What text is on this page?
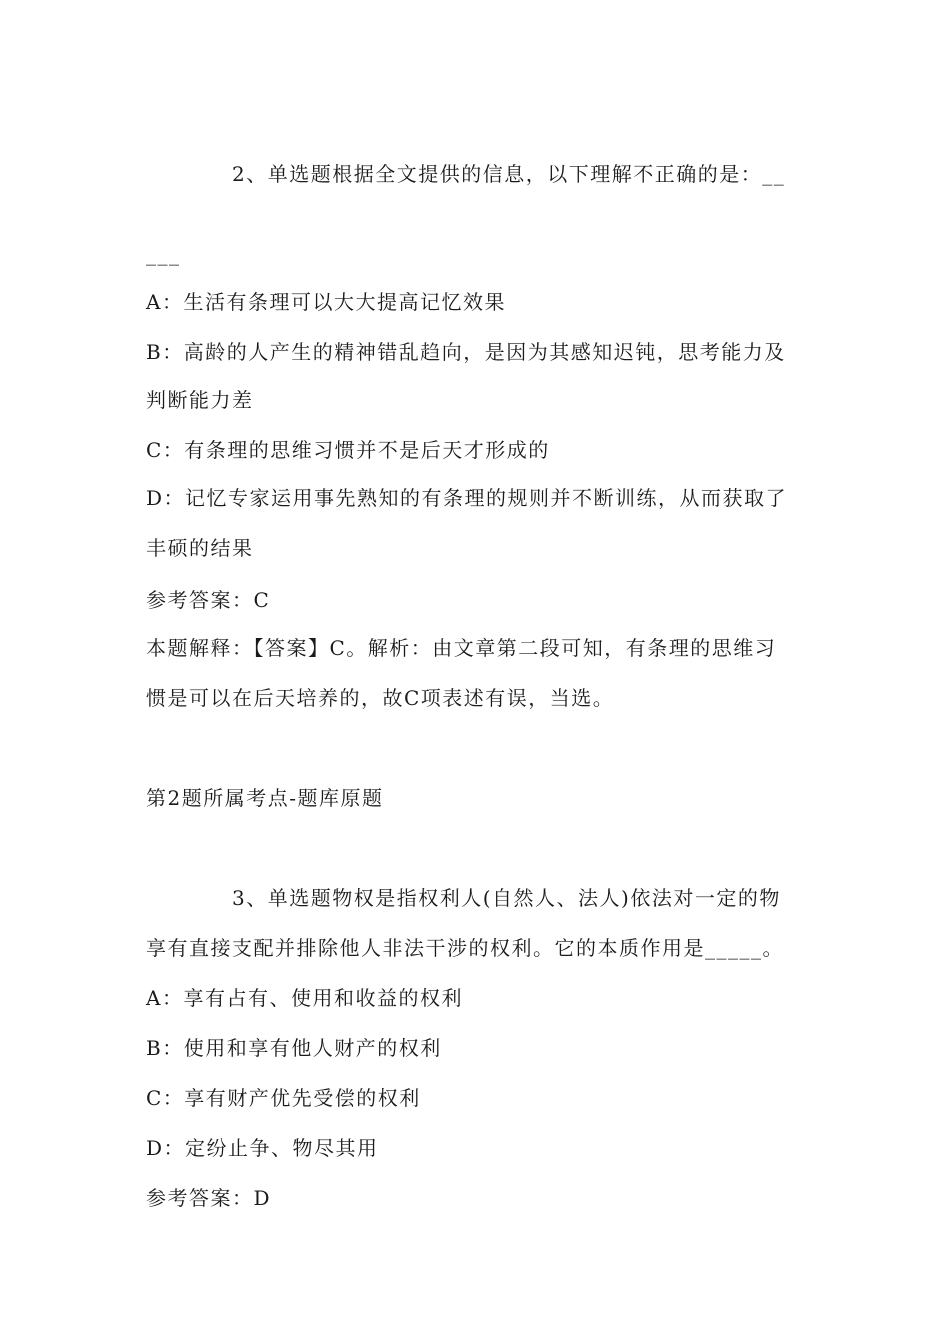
2、单选题根据全文提供的信息，以下理解不正确的是：__
___
A：生活有条理可以大大提高记忆效果
B：高龄的人产生的精神错乱趋向，是因为其感知迟钝，思考能力及
判断能力差
C：有条理的思维习惯并不是后天才形成的
D：记忆专家运用事先熟知的有条理的规则并不断训练，从而获取了
丰硕的结果
参考答案：C
本题解释：【答案】C。解析：由文章第二段可知，有条理的思维习
惯是可以在后天培养的，故C项表述有误，当选。
第2题所属考点-题库原题
3、单选题物权是指权利人(自然人、法人)依法对一定的物
享有直接支配并排除他人非法干涉的权利。它的本质作用是_____。
A：享有占有、使用和收益的权利
B：使用和享有他人财产的权利
C：享有财产优先受偿的权利
D：定纷止争、物尽其用
参考答案：D
